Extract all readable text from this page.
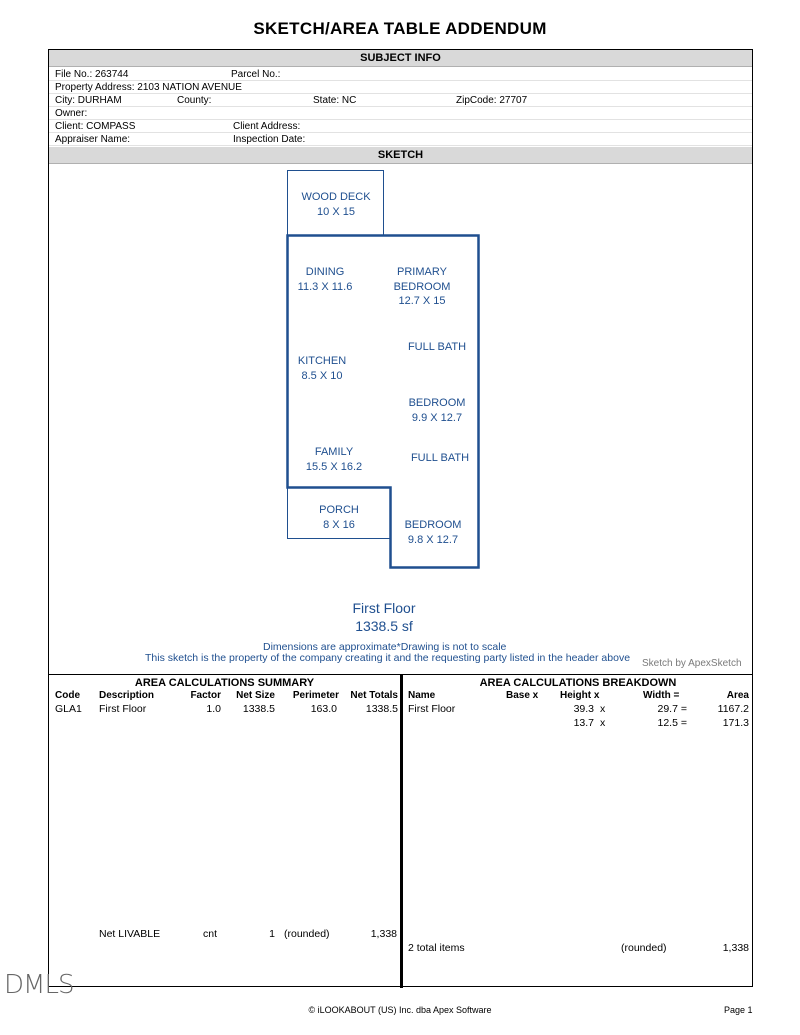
SKETCH/AREA TABLE ADDENDUM
SUBJECT INFO
File No.: 263744	Parcel No.:
Property Address: 2103 NATION AVENUE
City: DURHAM	County:	State: NC	ZipCode: 27707
Owner:
Client: COMPASS	Client Address:
Appraiser Name:	Inspection Date:
SKETCH
WOOD DECK
10 X 15
DINING
11.3 X 11.6
PRIMARY
BEDROOM
12.7 X 15
FULL BATH
KITCHEN
8.5 X 10
BEDROOM
9.9 X 12.7
FAMILY
15.5 X 16.2
FULL BATH
PORCH
8 X 16	BEDROOM
9.8 X 12.7
First Floor
1338.5 sf
Dimensions are approximate*Drawing is not to scale
This sketch is the property of the company creating it and the requesting party listed in the header above Sketch by ApexSketch
AREA CALCULATIONS SUMMARY
Code Description	Factor	Net Size	Perimeter	Net Totals
GLA1 First Floor	1.0	1338.5	163.0	1338.5
Net LIVABLE	cnt	1 (rounded)	1,338
AREA CALCULATIONS BREAKDOWN
Name	Base x Height x	Width =	Area
First Floor	39.3 x	29.7 =	1167.2
13.7 x	12.5 =	171.3
2 total items	(rounded)	1,338
DMLS
© iLOOKABOUT (US) Inc. dba Apex Software	Page 1
